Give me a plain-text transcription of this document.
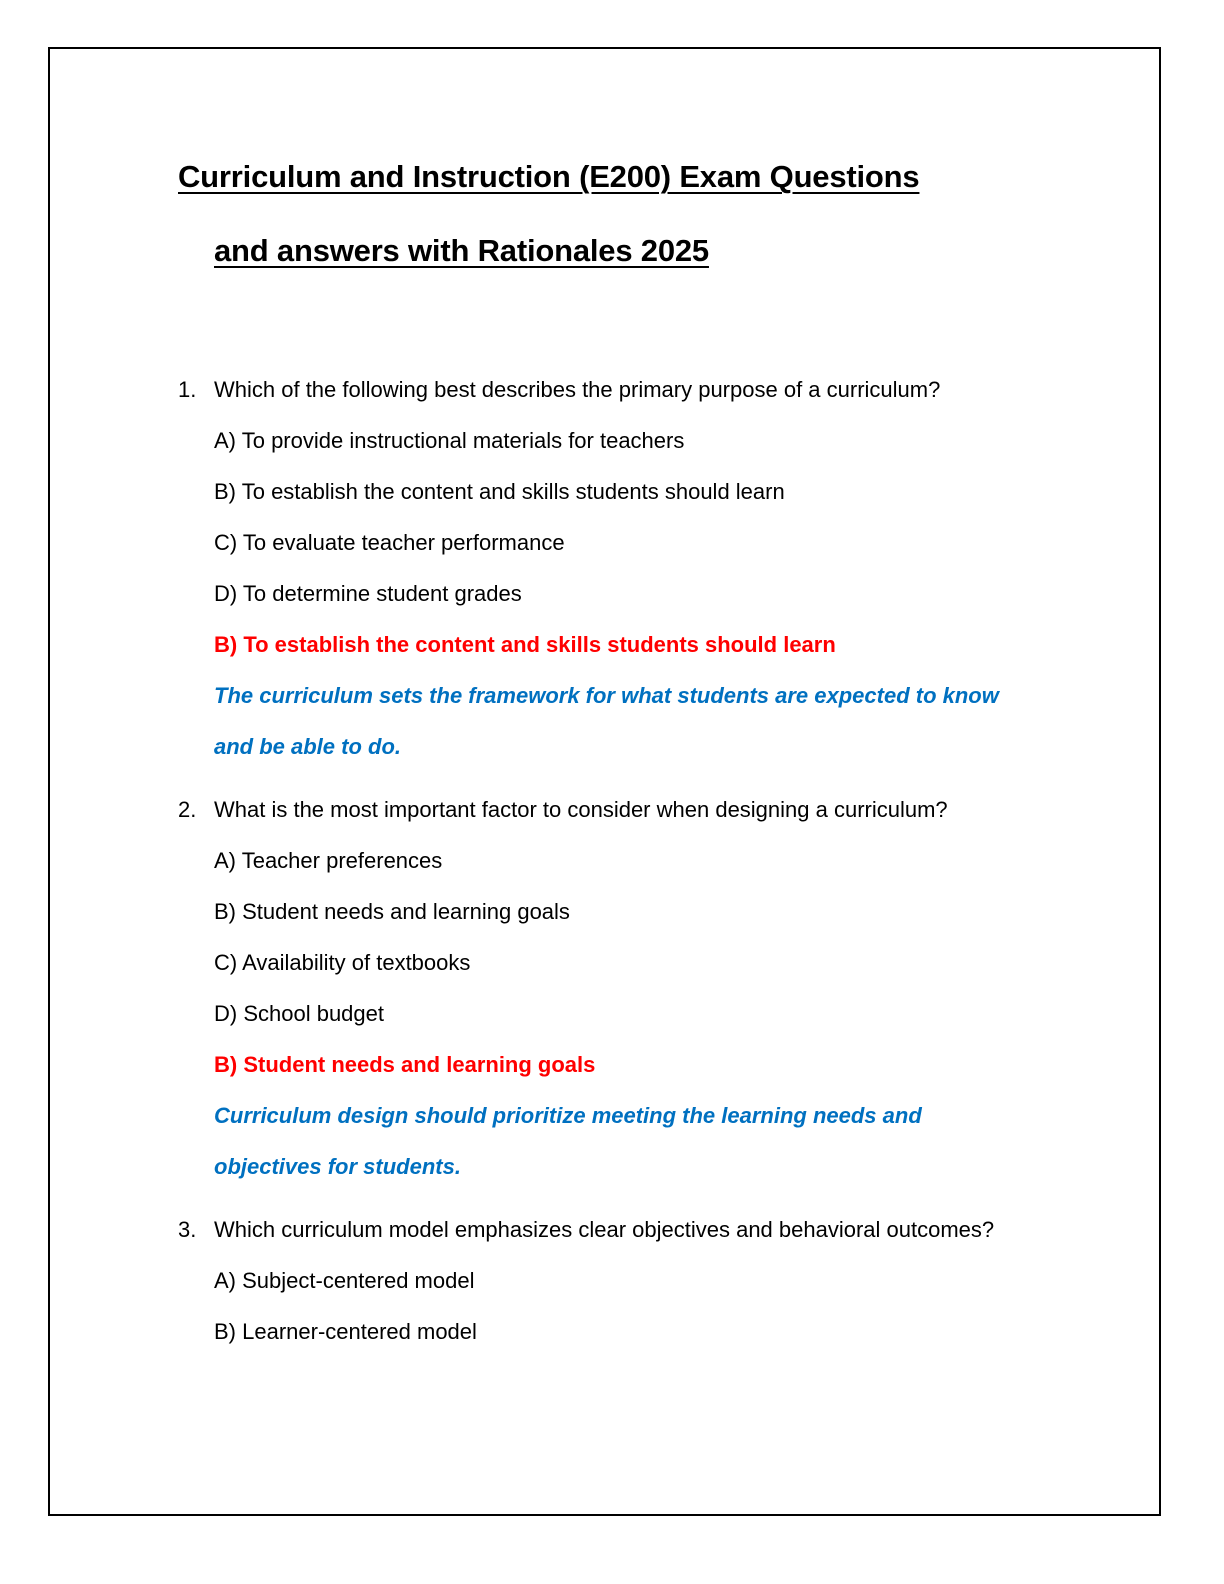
Curriculum and Instruction (E200) Exam Questions
and answers with Rationales 2025
1. Which of the following best describes the primary purpose of a curriculum?
A) To provide instructional materials for teachers
B) To establish the content and skills students should learn
C) To evaluate teacher performance
D) To determine student grades
B) To establish the content and skills students should learn
The curriculum sets the framework for what students are expected to know and be able to do.
2. What is the most important factor to consider when designing a curriculum?
A) Teacher preferences
B) Student needs and learning goals
C) Availability of textbooks
D) School budget
B) Student needs and learning goals
Curriculum design should prioritize meeting the learning needs and objectives for students.
3. Which curriculum model emphasizes clear objectives and behavioral outcomes?
A) Subject-centered model
B) Learner-centered model
